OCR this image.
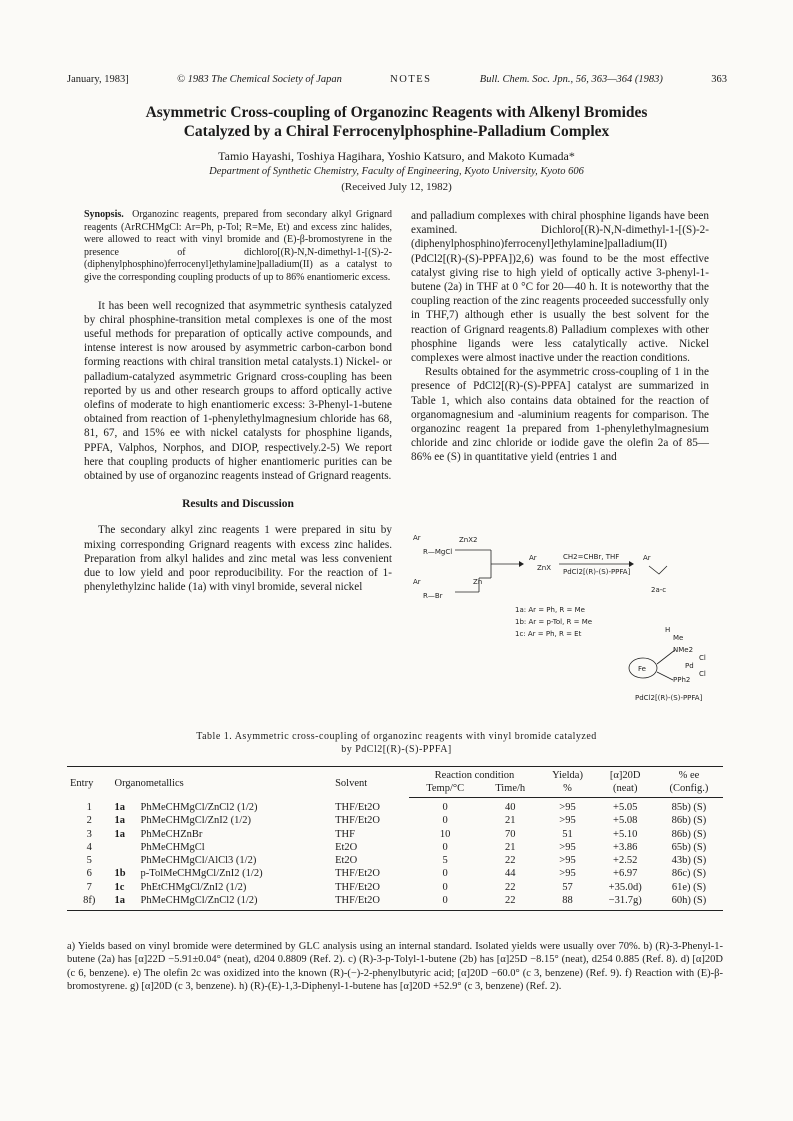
January, 1983]	© 1983 The Chemical Society of Japan	NOTES	Bull. Chem. Soc. Jpn., 56, 363—364 (1983)	363
Asymmetric Cross-coupling of Organozinc Reagents with Alkenyl Bromides
Catalyzed by a Chiral Ferrocenylphosphine-Palladium Complex
Tamio Hayashi, Toshiya Hagihara, Yoshio Katsuro, and Makoto Kumada*
Department of Synthetic Chemistry, Faculty of Engineering, Kyoto University, Kyoto 606
(Received July 12, 1982)
Synopsis. Organozinc reagents, prepared from secondary alkyl Grignard reagents (ArRCHMgCl: Ar=Ph, p-Tol; R=Me, Et) and excess zinc halides, were allowed to react with vinyl bromide and (E)-β-bromostyrene in the presence of dichloro[(R)-N,N-dimethyl-1-[(S)-2-(diphenylphosphino)ferrocenyl]ethylamine]palladium(II) as a catalyst to give the corresponding coupling products of up to 86% enantiomeric excess.

It has been well recognized that asymmetric synthesis catalyzed by chiral phosphine-transition metal complexes is one of the most useful methods for preparation of optically active compounds, and intense interest is now aroused by asymmetric carbon-carbon bond forming reactions with chiral transition metal catalysts.1) Nickel- or palladium-catalyzed asymmetric Grignard cross-coupling has been reported by us and other research groups to afford optically active olefins of moderate to high enantiomeric excess: 3-Phenyl-1-butene obtained from reaction of 1-phenylethylmagnesium chloride has 68, 81, 67, and 15% ee with nickel catalysts for phosphine ligands, PPFA, Valphos, Norphos, and DIOP, respectively.2-5) We report here that coupling products of higher enantiomeric purities can be obtained by use of organozinc reagents instead of Grignard reagents.

Results and Discussion

The secondary alkyl zinc reagents 1 were prepared in situ by mixing corresponding Grignard reagents with excess zinc halides. Preparation from alkyl halides and zinc metal was less convenient due to low yield and poor reproducibility. For the reaction of 1-phenylethylzinc halide (1a) with vinyl bromide, several nickel

and palladium complexes with chiral phosphine ligands have been examined. Dichloro[(R)-N,N-dimethyl-1-[(S)-2-(diphenylphosphino)ferrocenyl]ethylamine]palladium(II) (PdCl2[(R)-(S)-PPFA])2,6) was found to be the most effective catalyst giving rise to high yield of optically active 3-phenyl-1-butene (2a) in THF at 0 °C for 20—40 h. It is noteworthy that the coupling reaction of the zinc reagents proceeded successfully only in THF,7) although ether is usually the best solvent for the reaction of Grignard reagents.8) Palladium complexes with other phosphine ligands were less catalytically active. Nickel complexes were almost inactive under the reaction conditions.

Results obtained for the asymmetric cross-coupling of 1 in the presence of PdCl2[(R)-(S)-PPFA] catalyst are summarized in Table 1, which also contains data obtained for the reaction of organomagnesium and -aluminium reagents for comparison. The organozinc reagent 1a prepared from 1-phenylethylmagnesium chloride and zinc chloride or iodide gave the olefin 2a of 85—86% ee (S) in quantitative yield (entries 1 and

Ar
R—MgCl
ZnX2
Ar
ZnX
CH2=CHBr, THF
PdCl2[(R)-(S)-PPFA]
Ar
2a-c
Ar
R—Br
Zn
1a: Ar = Ph, R = Me
1b: Ar = p-Tol, R = Me
1c: Ar = Ph, R = Et
Fe
H
Me
NMe2
PPh2
Pd
Cl
Cl
PdCl2[(R)-(S)-PPFA]
Table 1. Asymmetric cross-coupling of organozinc reagents with vinyl bromide catalyzed
by PdCl2[(R)-(S)-PPFA]
Entry	Organometallics		Solvent	Reaction condition		Yielda)	[α]20D	% ee
				Temp/°C	Time/h	%	(neat)	(Config.)
1	1a	PhMeCHMgCl/ZnCl2 (1/2)	THF/Et2O	0	40	>95	+5.05	85b) (S)
2	1a	PhMeCHMgCl/ZnI2 (1/2)	THF/Et2O	0	21	>95	+5.08	86b) (S)
3	1a	PhMeCHZnBr	THF	10	70	51	+5.10	86b) (S)
4		PhMeCHMgCl	Et2O	0	21	>95	+3.86	65b) (S)
5		PhMeCHMgCl/AlCl3 (1/2)	Et2O	5	22	>95	+2.52	43b) (S)
6	1b	p-TolMeCHMgCl/ZnI2 (1/2)	THF/Et2O	0	44	>95	+6.97	86c) (S)
7	1c	PhEtCHMgCl/ZnI2 (1/2)	THF/Et2O	0	22	57	+35.0d)	61e) (S)
8f)	1a	PhMeCHMgCl/ZnCl2 (1/2)	THF/Et2O	0	22	88	−31.7g)	60h) (S)
a) Yields based on vinyl bromide were determined by GLC analysis using an internal standard. Isolated yields were usually over 70%. b) (R)-3-Phenyl-1-butene (2a) has [α]22D −5.91±0.04° (neat), d204 0.8809 (Ref. 2). c) (R)-3-p-Tolyl-1-butene (2b) has [α]25D −8.15° (neat), d254 0.885 (Ref. 8). d) [α]20D (c 6, benzene). e) The olefin 2c was oxidized into the known (R)-(−)-2-phenylbutyric acid; [α]20D −60.0° (c 3, benzene) (Ref. 9). f) Reaction with (E)-β-bromostyrene. g) [α]20D (c 3, benzene). h) (R)-(E)-1,3-Diphenyl-1-butene has [α]20D +52.9° (c 3, benzene) (Ref. 2).
